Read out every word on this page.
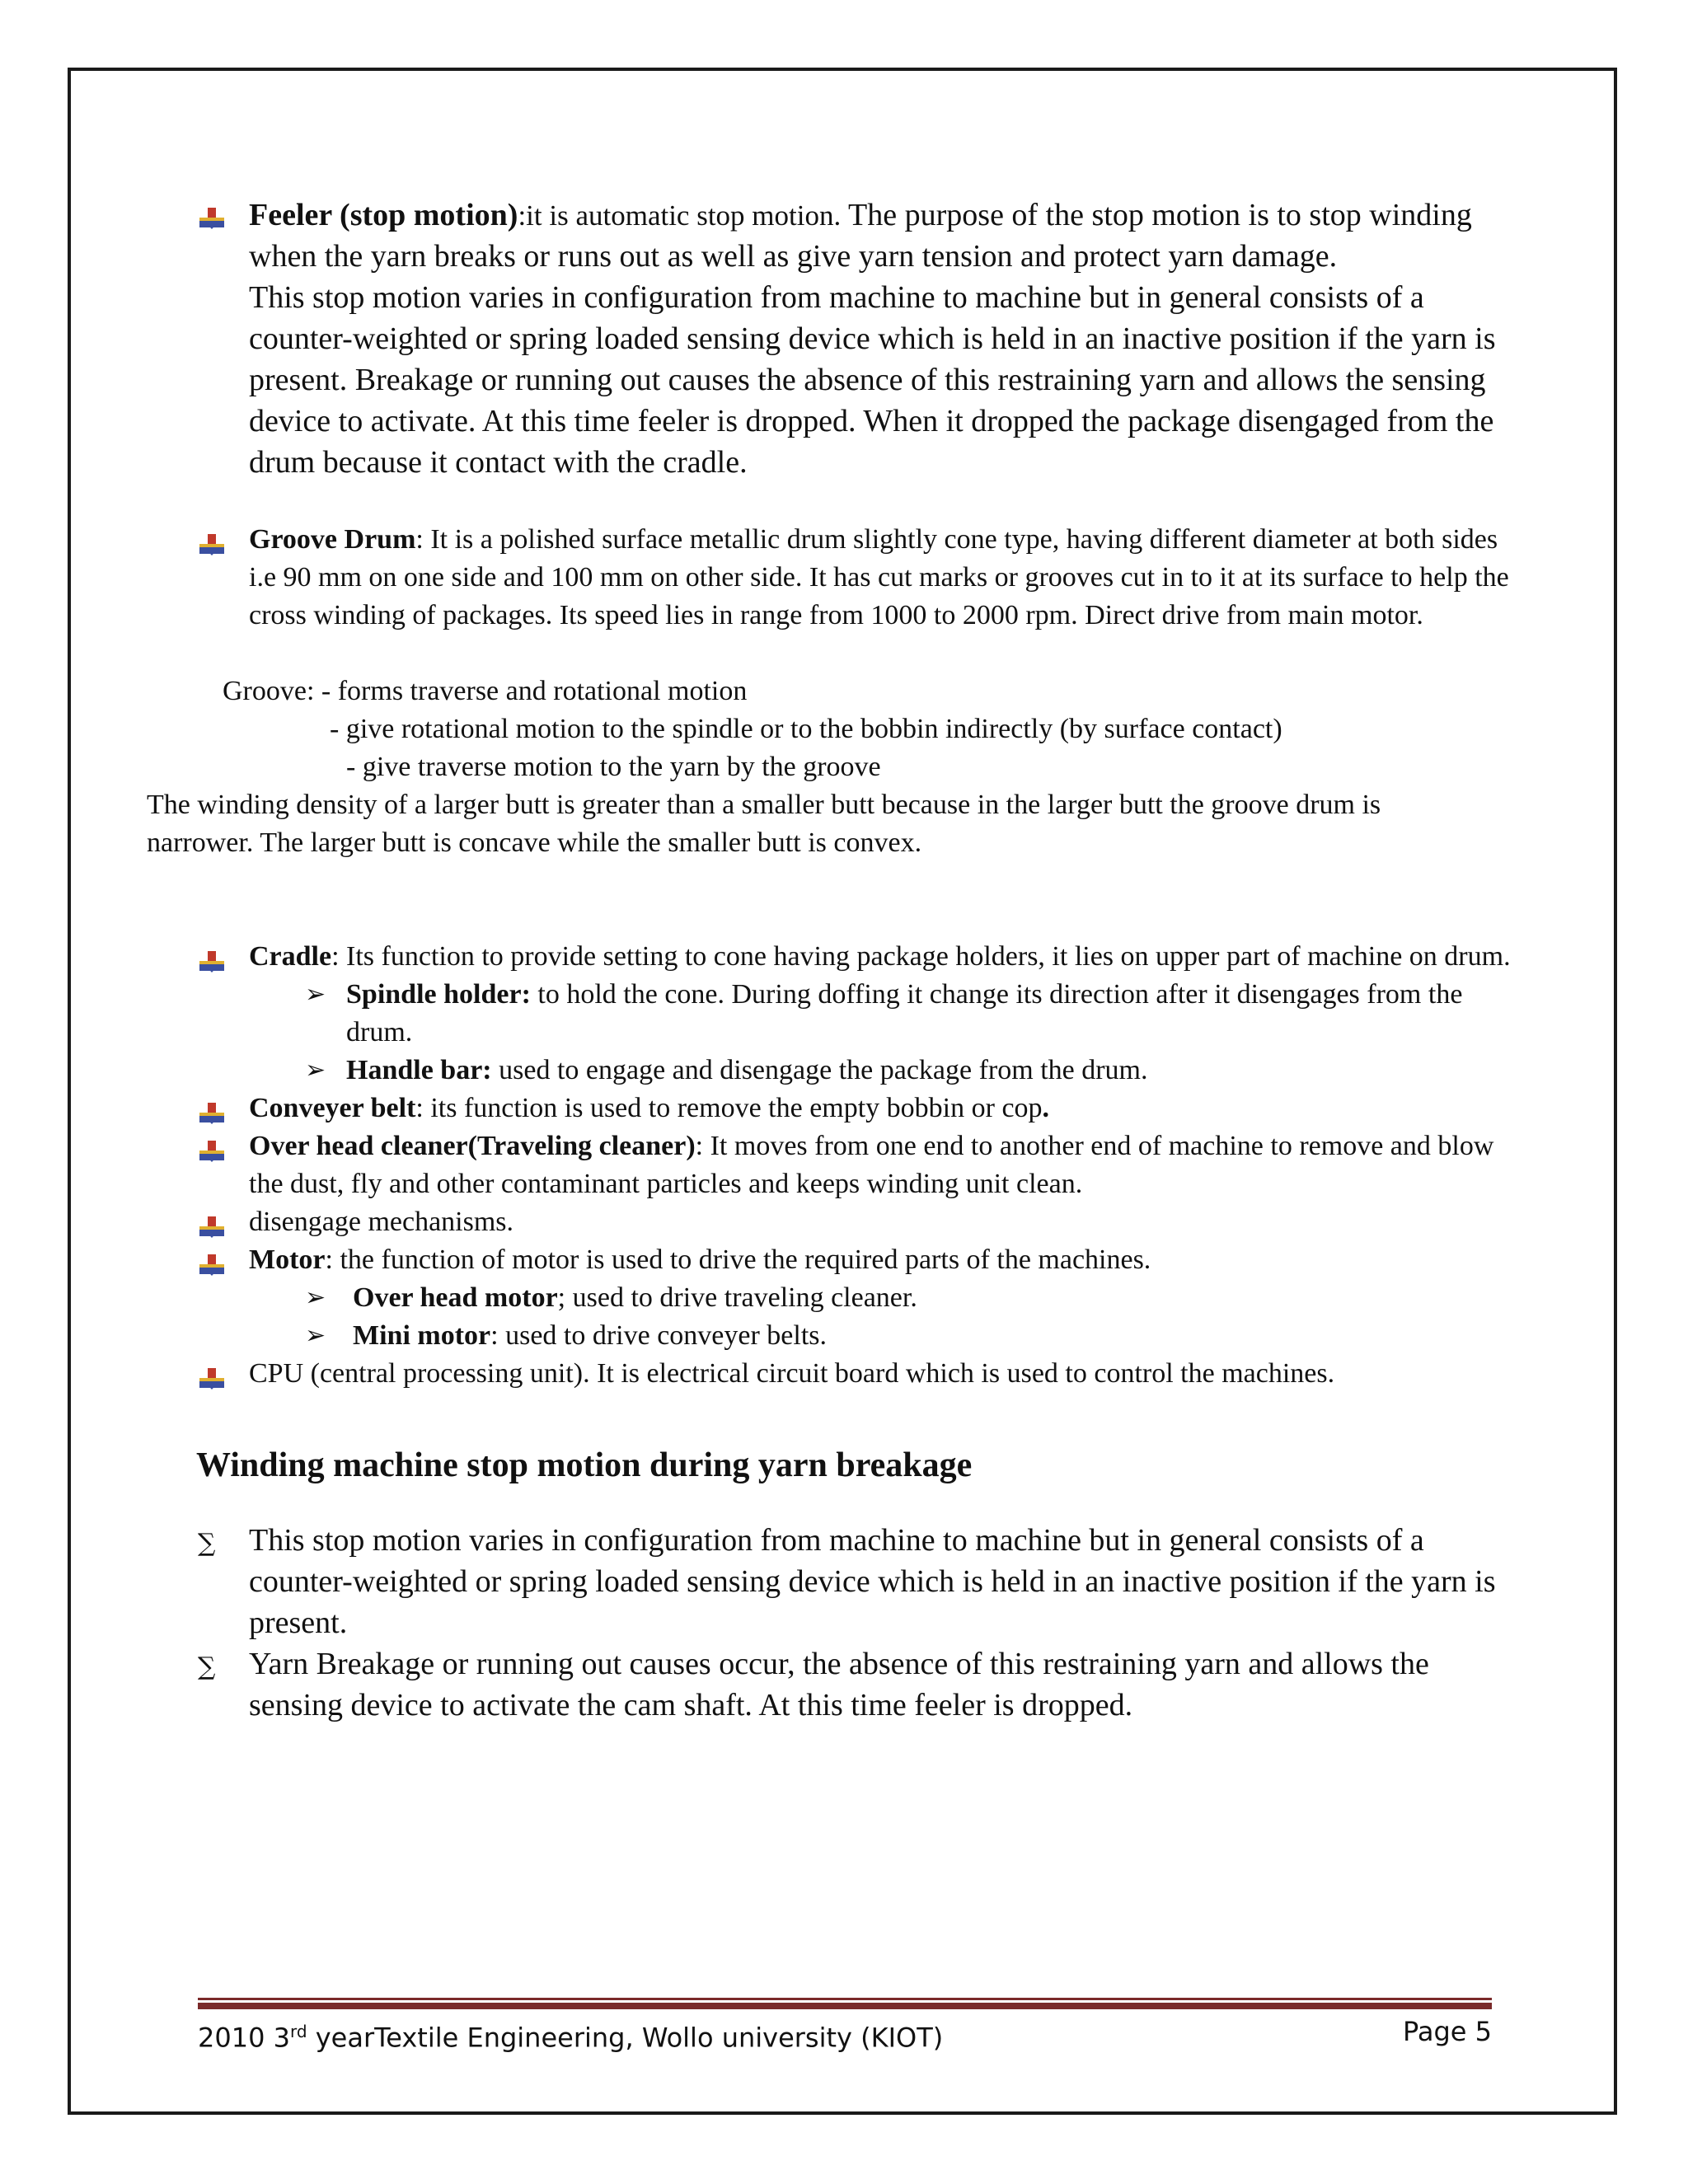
Feeler (stop motion):it is automatic stop motion. The purpose of the stop motion is to stop winding when the yarn breaks or runs out as well as give yarn tension and protect yarn damage.

This stop motion varies in configuration from machine to machine but in general consists of a counter-weighted or spring loaded sensing device which is held in an inactive position if the yarn is present. Breakage or running out causes the absence of this restraining yarn and allows the sensing device to activate. At this time feeler is dropped. When it dropped the package disengaged from the drum because it contact with the cradle.

Groove Drum: It is a polished surface metallic drum slightly cone type, having different diameter at both sides i.e 90 mm on one side and 100 mm on other side. It has cut marks or grooves cut in to it at its surface to help the cross winding of packages. Its speed lies in range from 1000 to 2000 rpm. Direct drive from main motor.

Groove: - forms traverse and rotational motion

- give rotational motion to the spindle or to the bobbin indirectly (by surface contact)

- give traverse motion to the yarn by the groove

The winding density of a larger butt is greater than a smaller butt because in the larger butt the groove drum is narrower. The larger butt is concave while the smaller butt is convex.

Cradle: Its function to provide setting to cone having package holders, it lies on upper part of machine on drum.

➢ Spindle holder: to hold the cone. During doffing it change its direction after it disengages from the drum.

➢ Handle bar: used to engage and disengage the package from the drum.

Conveyer belt: its function is used to remove the empty bobbin or cop.

Over head cleaner(Traveling cleaner): It moves from one end to another end of machine to remove and blow the dust, fly and other contaminant particles and keeps winding unit clean.

disengage mechanisms.

Motor: the function of motor is used to drive the required parts of the machines.

➢ Over head motor; used to drive traveling cleaner.

➢ Mini motor: used to drive conveyer belts.

CPU (central processing unit). It is electrical circuit board which is used to control the machines.

Winding machine stop motion during yarn breakage

∑ This stop motion varies in configuration from machine to machine but in general consists of a counter-weighted or spring loaded sensing device which is held in an inactive position if the yarn is present.

∑ Yarn Breakage or running out causes occur, the absence of this restraining yarn and allows the sensing device to activate the cam shaft. At this time feeler is dropped.

2010 3rd yearTextile Engineering, Wollo university (KIOT)	Page 5
